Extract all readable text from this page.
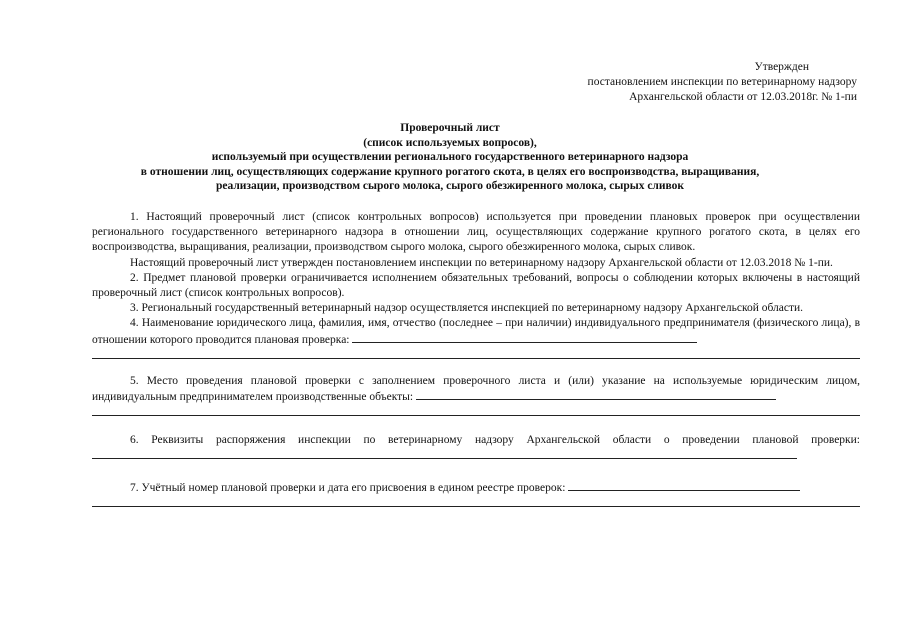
Утвержден
постановлением инспекции по ветеринарному надзору
Архангельской области от 12.03.2018г. № 1-пи
Проверочный лист
(список используемых вопросов),
используемый при осуществлении регионального государственного ветеринарного надзора
в отношении лиц, осуществляющих содержание крупного рогатого скота, в целях его воспроизводства, выращивания,
реализации, производством сырого молока, сырого обезжиренного молока, сырых сливок

1. Настоящий проверочный лист (список контрольных вопросов) используется при проведении плановых проверок при осуществлении регионального государственного ветеринарного надзора в отношении лиц, осуществляющих содержание крупного рогатого скота, в целях его воспроизводства, выращивания, реализации, производством сырого молока, сырого обезжиренного молока, сырых сливок.

Настоящий проверочный лист утвержден постановлением инспекции по ветеринарному надзору Архангельской области от 12.03.2018 № 1-пи.

2. Предмет плановой проверки ограничивается исполнением обязательных требований, вопросы о соблюдении которых включены в настоящий проверочный лист (список контрольных вопросов).

3. Региональный государственный ветеринарный надзор осуществляется инспекцией по ветеринарному надзору Архангельской области.

4. Наименование юридического лица, фамилия, имя, отчество (последнее – при наличии) индивидуального предпринимателя (физического лица), в отношении которого проводится плановая проверка:

5. Место проведения плановой проверки с заполнением проверочного листа и (или) указание на используемые юридическим лицом, индивидуальным предпринимателем производственные объекты:

6. Реквизиты распоряжения инспекции по ветеринарному надзору Архангельской области о проведении плановой проверки:

7. Учётный номер плановой проверки и дата его присвоения в едином реестре проверок:
